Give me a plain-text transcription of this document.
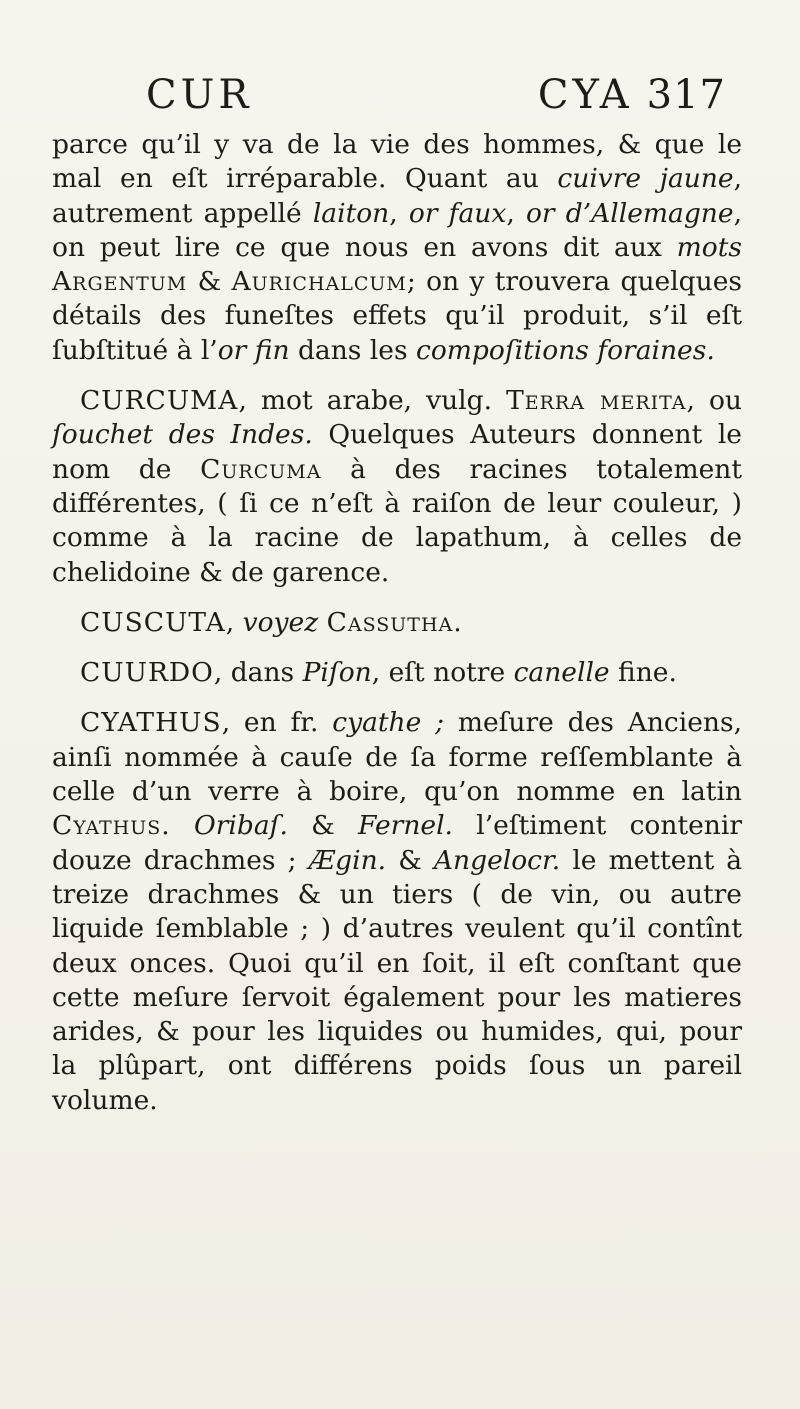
CUR	CYA 317

parce qu’il y va de la vie des hommes, & que le mal en eſt irréparable. Quant au cuivre jaune, autrement appellé laiton, or faux, or d’Allemagne, on peut lire ce que nous en avons dit aux mots Argentum & Aurichalcum; on y trouvera quelques détails des funeſtes effets qu’il produit, s’il eſt ſubſtitué à l’or fin dans les compoſitions foraines.

CURCUMA, mot arabe, vulg. Terra merita, ou ſouchet des Indes. Quelques Auteurs donnent le nom de Curcuma à des racines totalement différentes, ( ſi ce n’eſt à raiſon de leur couleur, ) comme à la racine de lapathum, à celles de chelidoine & de garence.

CUSCUTA, voyez Cassutha.

CUURDO, dans Piſon, eſt notre canelle fine.

CYATHUS, en fr. cyathe ; meſure des Anciens, ainſi nommée à cauſe de ſa forme reſſemblante à celle d’un verre à boire, qu’on nomme en latin Cyathus. Oribaſ. & Fernel. l’eſtiment contenir douze drachmes ; Ægin. & Angelocr. le mettent à treize drachmes & un tiers ( de vin, ou autre liquide ſemblable ; ) d’autres veulent qu’il contînt deux onces. Quoi qu’il en ſoit, il eſt conſtant que cette meſure ſervoit également pour les matieres arides, & pour les liquides ou humides, qui, pour la plûpart, ont différens poids ſous un pareil volume.
